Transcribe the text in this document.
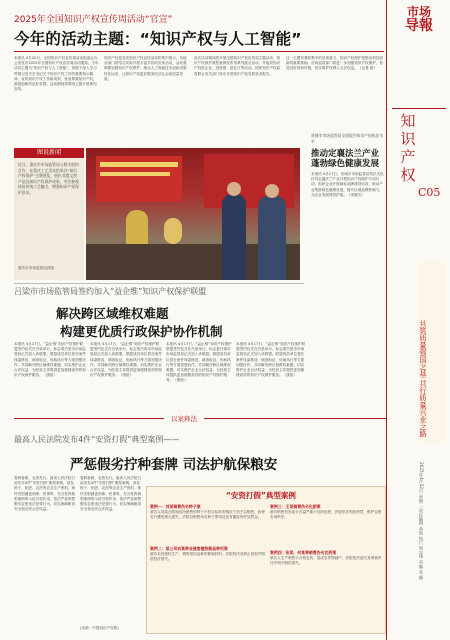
2025年全国知识产权宣传周活动“官宣”
今年的活动主题：“知识产权与人工智能”
本报讯 4月20日，全国知识产权宣传周活动组委会办公室发布2025年全国知识产权宣传周活动通知。今年活动主题为“知识产权与人工智能”，着眼于深入学习贯彻习近平总书记关于知识产权工作的重要指示精神，宣传知识产权工作新成效，营造尊重知识产权、鼓励创新的良好氛围。活动期间将围绕主题开展系列宣传。
知识产权是各类知识产权宣传活动的集中展示，各地各部门将结合实际开展丰富多彩的宣传活动。活动强调要加强知识产权保护，推动人工智能技术创新成果转化运用，让知识产权更好服务经济社会高质量发展。
此次活动期间将开展全国知识产权宣传周主题活动、知识产权保护典型案例发布等系列重点活动，并组织知识产权进企业、进校园、进社区等活动。国家知识产权局将联合有关部门发布年度知识产权发展状况报告。
这一主题有着较集中的呈现意义，知识产权保护是推动科技创新的重要基础。市场监管部门将进一步加强知识产权保护，营造良好营商环境，切实维护权利人合法权益。（记者 唐）
图说新闻
近日，重庆市市场监管局与相关机构合作，在重庆工艺美术馆举办“知识产权保护”主题展览，展出非遗文创产品及知识产权保护成果，市民参观体验传统工艺魅力，增强知识产权保护意识。
重庆市市场监管局供图
晋城市市场监管局全面提升知识产权执法水平
推动定襄法兰产业蓬勃绿色健康发展
本报讯 4月17日，晋城市市场监管局执法支队针对定襄法兰产业开展知识产权保护专项行动，组织企业开展商标品牌建设培训，推动产业集群绿色健康发展，提升区域品牌影响力，为企业发展保驾护航。（李晓芳）
吕梁市市场监管局签约加入“益企维”知识产权保护联盟
解决跨区域维权难题
构建更优质行政保护协作机制
本报讯 4月17日，“益企维”知识产权保护联盟签约仪式在吕梁举行，标志着吕梁市市场监管局正式加入该联盟。联盟成员单位将在案件线索移送、调查取证、协助执行等方面加强协作，共同解决跨区域维权难题，切实维护企业合法权益，为经营主体提供更加便捷高效的知识产权保护服务。（康凯）
本报讯 4月17日，“益企维”知识产权保护联盟签约仪式在吕梁举行，标志着吕梁市市场监管局正式加入该联盟。联盟成员单位将在案件线索移送、调查取证、协助执行等方面加强协作，共同解决跨区域维权难题，切实维护企业合法权益，为经营主体提供更加便捷高效的知识产权保护服务。（康凯）
本报讯 4月17日，“益企维”知识产权保护联盟签约仪式在吕梁举行，标志着吕梁市市场监管局正式加入该联盟。联盟成员单位将在案件线索移送、调查取证、协助执行等方面加强协作，共同解决跨区域维权难题，切实维护企业合法权益，为经营主体提供更加便捷高效的知识产权保护服务。（康凯）
本报讯 4月17日，“益企维”知识产权保护联盟签约仪式在吕梁举行，标志着吕梁市市场监管局正式加入该联盟。联盟成员单位将在案件线索移送、调查取证、协助执行等方面加强协作，共同解决跨区域维权难题，切实维护企业合法权益，为经营主体提供更加便捷高效的知识产权保护服务。（康凯）
以案释法
最高人民法院发布4件“安资打假”典型案例——
严惩假劣拧种套牌 司法护航保粮安
春种备耕，农资先行。最高人民法院日前发布4件“安资打假”典型案例，涉及种子、化肥、农药等农业生产资料，案件类型涵盖刑事、民事等，充分发挥典型案例的示范引领作用，依法严惩制售假劣农资违法犯罪行为，切实保障粮食安全和农民合法权益。
春种备耕，农资先行。最高人民法院日前发布4件“安资打假”典型案例，涉及种子、化肥、农药等农业生产资料，案件类型涵盖刑事、民事等，充分发挥典型案例的示范引领作用，依法严惩制售假劣农资违法犯罪行为，切实保障粮食安全和农民合法权益。
(来源：中国知识产权报)
“安资打假”典型案例
案例一：刘某销售伪劣种子案
被告人刘某在明知其所销售的种子不符合标准的情况下仍予以销售，致使农户遭受重大损失，法院以销售伪劣种子罪判处其有期徒刑并处罚金。
案例二：某公司诉某种业侵害植物新品种权案
被告未经授权生产、销售授权品种的繁殖材料，法院判决其停止侵权并赔偿经济损失。
案例三：王某销售伪劣化肥案
被告销售有效成分含量严重不足的化肥，法院依法判处刑罚，维护农资市场秩序。
案例四：张某、何某等销售伪劣农药案
被告人生产销售不合格农药，造成农作物减产，法院依法追究其刑事责任并判令赔偿损失。
市场
导報
知识产权
C05
共筑质量强国之基 共行质量兴业之路
2025年4月22日 星期二 责任编辑 高航 执行 周志伟 美编 张 颖
